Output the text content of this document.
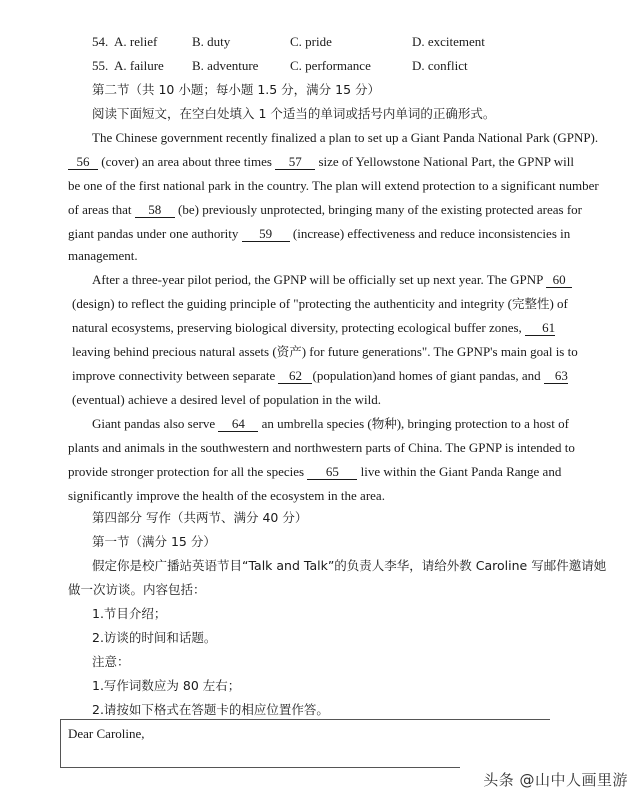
54. A. relief	B. duty	C. pride	D. excitement
55. A. failure B. adventure C. performance	D. conflict
第二节（共 10 小题；每小题 1.5 分，满分 15 分）
阅读下面短文，在空白处填入 1 个适当的单词或括号内单词的正确形式。
The Chinese government recently finalized a plan to set up a Giant Panda National Park (GPNP).
56 (cover) an area about three times 57 size of Yellowstone National Part, the GPNP will
be one of the first national park in the country. The plan will extend protection to a significant number
of areas that 58 (be) previously unprotected, bringing many of the existing protected areas for
giant pandas under one authority 59 (increase) effectiveness and reduce inconsistencies in
management.
After a three-year pilot period, the GPNP will be officially set up next year. The GPNP 60
(design) to reflect the guiding principle of "protecting the authenticity and integrity (完整性) of
natural ecosystems, preserving biological diversity, protecting ecological buffer zones, 61
leaving behind precious natural assets (资产) for future generations". The GPNP's main goal is to
improve connectivity between separate 62 (population)and homes of giant pandas, and 63
(eventual) achieve a desired level of population in the wild.
Giant pandas also serve 64 an umbrella species (物种), bringing protection to a host of
plants and animals in the southwestern and northwestern parts of China. The GPNP is intended to
provide stronger protection for all the species 65 live within the Giant Panda Range and
significantly improve the health of the ecosystem in the area.
第四部分 写作（共两节、满分 40 分）
第一节（满分 15 分）
假定你是校广播站英语节目“Talk and Talk”的负责人李华，请给外教 Caroline 写邮件邀请她
做一次访谈。内容包括：
1.节目介绍；
2.访谈的时间和话题。
注意：
1.写作词数应为 80 左右；
2.请按如下格式在答题卡的相应位置作答。
Dear Caroline,
头条 @山中人画里游
